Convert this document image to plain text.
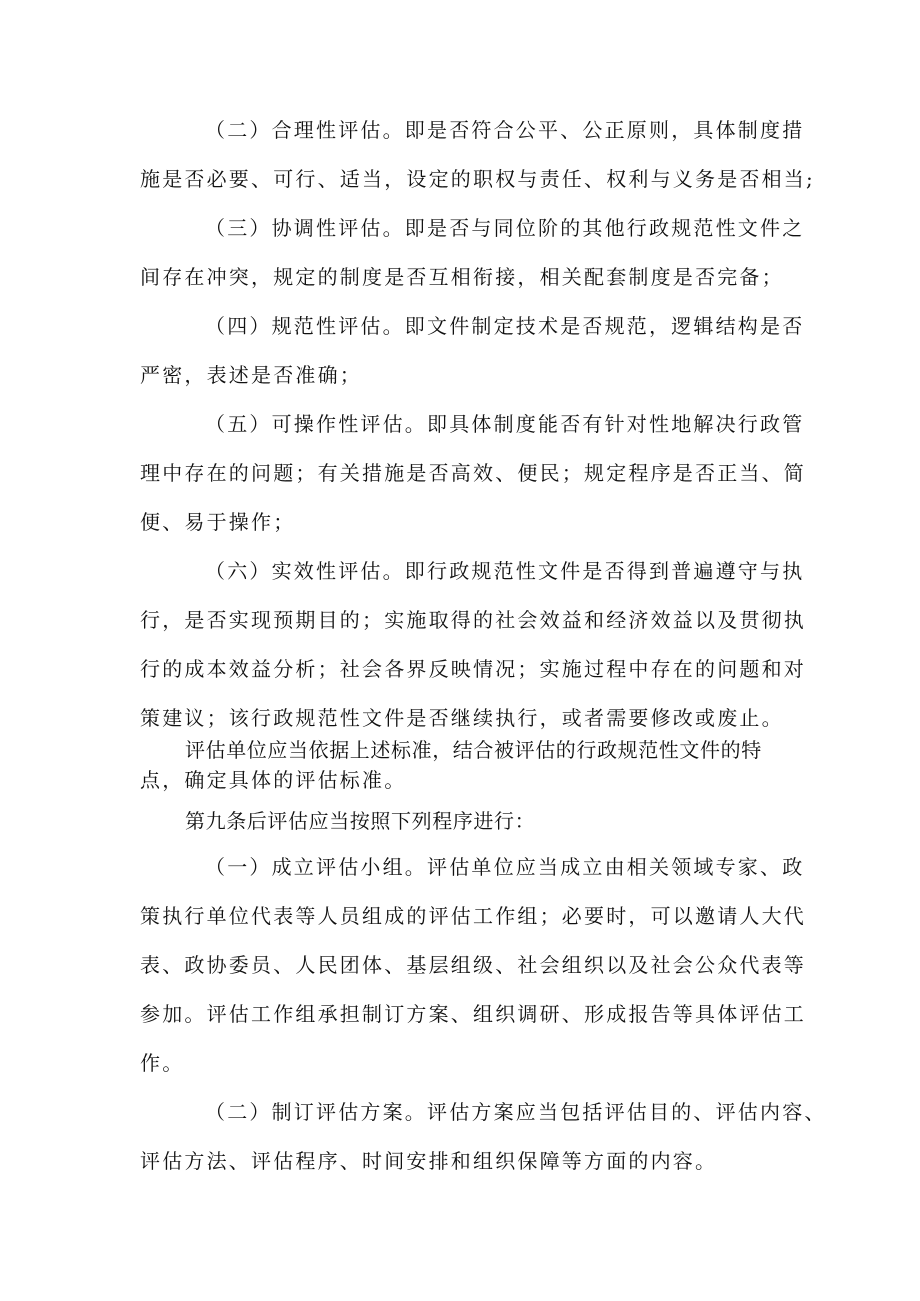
（二）合理性评估。即是否符合公平、公正原则，具体制度措
施是否必要、可行、适当，设定的职权与责任、权利与义务是否相当;
（三）协调性评估。即是否与同位阶的其他行政规范性文件之
间存在冲突，规定的制度是否互相衔接，相关配套制度是否完备；
（四）规范性评估。即文件制定技术是否规范，逻辑结构是否
严密，表述是否准确；
（五）可操作性评估。即具体制度能否有针对性地解决行政管
理中存在的问题；有关措施是否高效、便民；规定程序是否正当、简
便、易于操作；
（六）实效性评估。即行政规范性文件是否得到普遍遵守与执
行，是否实现预期目的；实施取得的社会效益和经济效益以及贯彻执
行的成本效益分析；社会各界反映情况；实施过程中存在的问题和对
策建议；该行政规范性文件是否继续执行，或者需要修改或废止。
评估单位应当依据上述标准，结合被评估的行政规范性文件的特
点，确定具体的评估标准。
第九条后评估应当按照下列程序进行：
（一）成立评估小组。评估单位应当成立由相关领域专家、政
策执行单位代表等人员组成的评估工作组；必要时，可以邀请人大代
表、政协委员、人民团体、基层组级、社会组织以及社会公众代表等
参加。评估工作组承担制订方案、组织调研、形成报告等具体评估工
作。
（二）制订评估方案。评估方案应当包括评估目的、评估内容、
评估方法、评估程序、时间安排和组织保障等方面的内容。
